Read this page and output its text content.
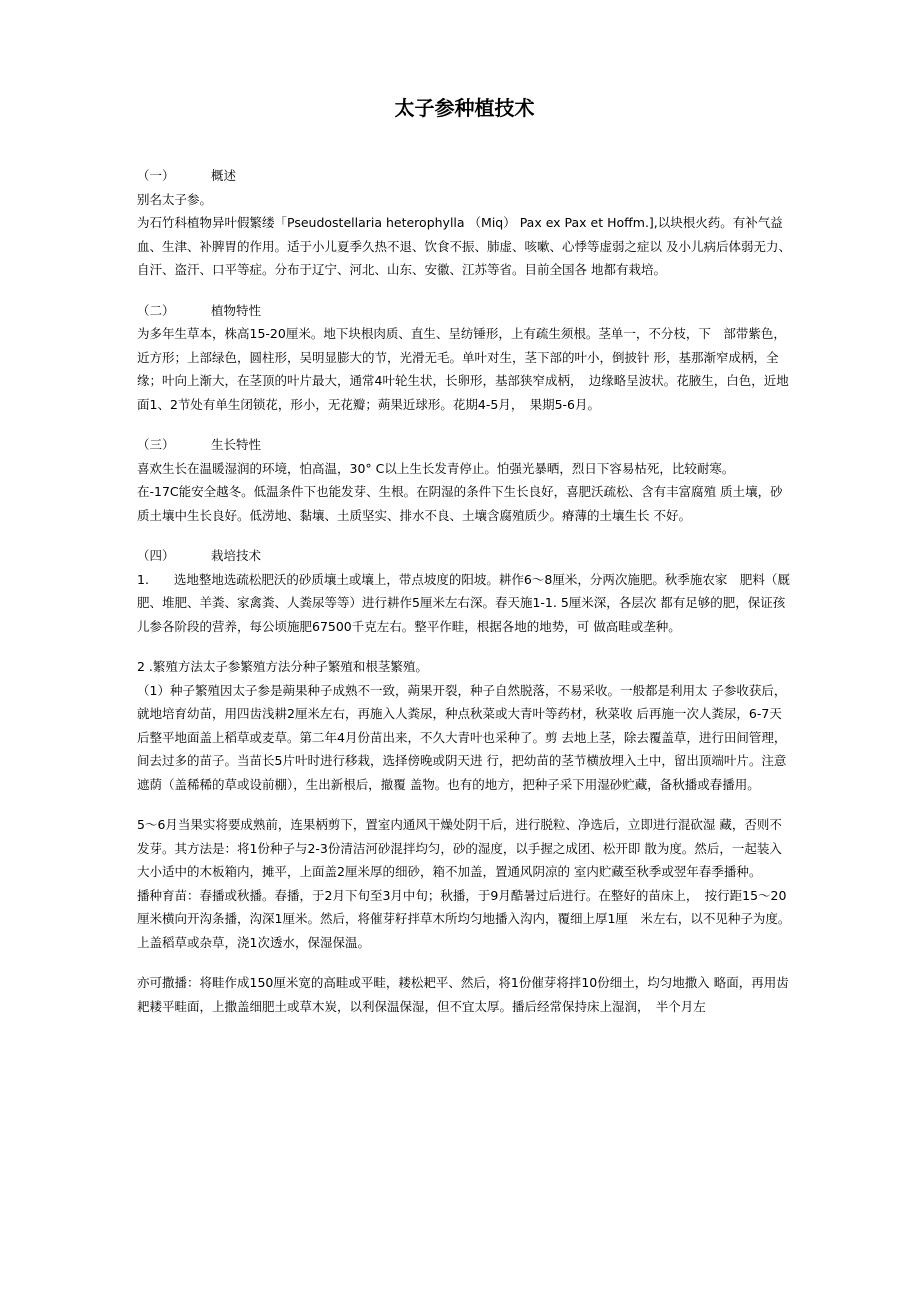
太子参种植技术
（一）	概述

别名太子参。

为石竹科植物异叶假繁缕「Pseudostellaria heterophylla （Miq） Pax ex Pax et Hoffm.],以块根火药。有补气益血、生津、补脾胃的作用。适于小儿夏季久热不退、饮食不振、肺虚、咳嗽、心悸等虚弱之症以 及小儿病后体弱无力、自汗、盗汗、口平等症。分布于辽宁、河北、山东、安徽、江苏等省。目前全国各 地都有栽培。

（二）	植物特性

为多年生草本，株高15-20厘米。地下块根肉质、直生、呈纺锤形，上有疏生须根。茎单一，不分枝，下　部带紫色，近方形；上部绿色，圆柱形，吴明显膨大的节，光滑无毛。单叶对生，茎下部的叶小，倒披针 形，基那渐窄成柄，全缘；叶向上渐大，在茎顶的叶片最大，通常4叶轮生状，长卵形，基部狭窄成柄，　边缘略呈波状。花腋生，白色，近地面1、2节处有单生闭锁花，形小，无花瓣；蒴果近球形。花期4-5月，　果期5-6月。

（三）	生长特性

喜欢生长在温暖湿润的环境，怕高温，30° C以上生长发青停止。怕强光暴晒，烈日下容易枯死，比较耐寒。

在-17C能安全越冬。低温条件下也能发芽、生根。在阴湿的条件下生长良好，喜肥沃疏松、含有丰富腐殖 质土壤，砂质土壤中生长良好。低涝地、黏壤、土质坚实、排水不良、土壤含腐殖质少。瘠薄的土壤生长 不好。

（四）	栽培技术

1.　　选地整地选疏松肥沃的砂质壤土或壤上，带点坡度的阳坡。耕作6～8厘米，分两次施肥。秋季施农家　肥料（厩肥、堆肥、羊粪、家禽粪、人粪尿等等）进行耕作5厘米左右深。春天施1-1. 5厘米深，各层次 都有足够的肥，保证孩儿参各阶段的营养，每公顷施肥67500千克左右。整平作畦，根据各地的地势，可 做高畦或垄种。

2 .繁殖方法太子参繁殖方法分种子繁殖和根茎繁殖。

（1）种子繁殖因太子参是蒴果种子成熟不一致，蒴果开裂，种子自然脱落，不易采收。一般都是利用太 子参收获后，就地培育幼苗，用四齿浅耕2厘米左右，再施入人粪尿，种点秋菜或大青叶等药材，秋菜收 后再施一次人粪尿，6-7天后整平地面盖上稻草或麦草。第二年4月份苗出来，不久大青叶也采种了。剪 去地上茎，除去覆盖草，进行田间管理，间去过多的苗子。当苗长5片叶时进行移栽，选择傍晚或阴天进 行，把幼苗的茎节横放埋入土中，留出顶端叶片。注意遮荫（盖稀稀的草或设前棚），生出新根后，撤覆 盖物。也有的地方，把种子采下用湿砂贮藏，备秋播或春播用。

5～6月当果实将要成熟前，连果柄剪下，置室内通风干燥处阴干后，进行脱粒、净选后，立即进行混砍湿 藏，否则不发芽。其方法是：将1份种子与2-3份清洁河砂混拌均匀，砂的湿度，以手握之成团、松开即 散为度。然后，一起装入大小适中的木板箱内，摊平，上面盖2厘米厚的细砂，箱不加盖，置通风阴凉的 室内贮藏至秋季或翌年春季播种。

播种育苗：春播或秋播。春播，于2月下旬至3月中旬；秋播，于9月酷暑过后进行。在整好的苗床上，　按行距15～20厘米横向开沟条播，沟深1厘米。然后，将催芽籽拌草木所均匀地播入沟内，覆细上厚1厘　米左右，以不见种子为度。上盖稻草或杂草，浇1次透水，保湿保温。

亦可撒播：将畦作成150厘米宽的高畦或平畦，耧松耙平、然后，将1份催芽将拌10份细土，均匀地撒入 略面，再用齿耙耧平畦面，上撒盖细肥土或草木炭，以利保温保湿，但不宜太厚。播后经常保持床上湿润，　半个月左
